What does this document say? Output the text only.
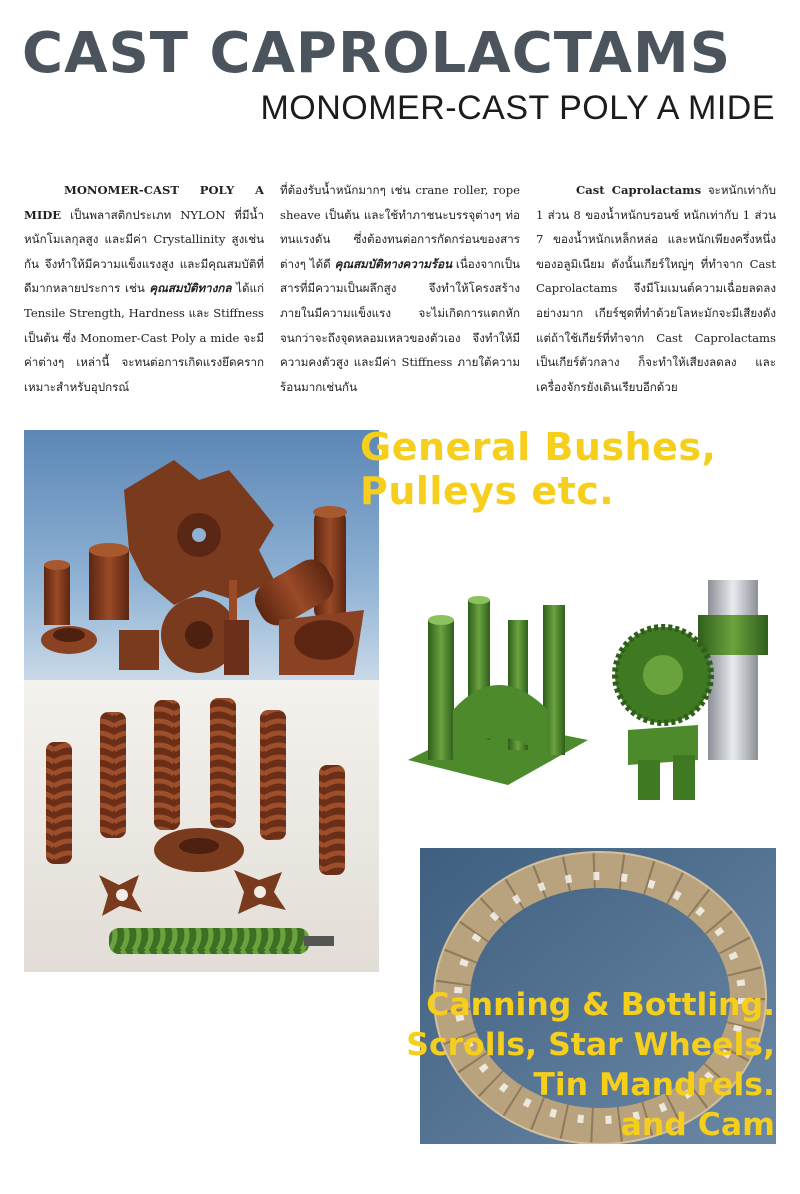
CAST CAPROLACTAMS
MONOMER-CAST POLY A MIDE

MONOMER-CAST POLY A MIDE เป็นพลาสติกประเภท NYLON ที่มีน้ำหนักโมเลกุลสูง และมีค่า Crystallinity สูงเช่นกัน จึงทำให้มีความแข็งแรงสูง และมีคุณสมบัติที่ดีมากหลายประการ เช่น คุณสมบัติทางกล ได้แก่ Tensile Strength, Hardness และ Stiffness เป็นต้น ซึ่ง Monomer-Cast Poly a mide จะมีค่าต่างๆ เหล่านี้ จะทนต่อการเกิดแรงยึดคราก เหมาะสำหรับอุปกรณ์

ที่ต้องรับน้ำหนักมากๆ เช่น crane roller, rope sheave เป็นต้น และใช้ทำภาชนะบรรจุต่างๆ ท่อทนแรงดัน ซึ่งต้องทนต่อการกัดกร่อนของสารต่างๆ ได้ดี คุณสมบัติทางความร้อน เนื่องจากเป็นสารที่มีความเป็นผลึกสูง จึงทำให้โครงสร้างภายในมีความแข็งแรง จะไม่เกิดการแตกหักจนกว่าจะถึงจุดหลอมเหลวของตัวเอง จึงทำให้มีความคงตัวสูง และมีค่า Stiffness ภายใต้ความร้อนมากเช่นกัน

Cast Caprolactams จะหนักเท่ากับ 1 ส่วน 8 ของน้ำหนักบรอนซ์ หนักเท่ากับ 1 ส่วน 7 ของน้ำหนักเหล็กหล่อ และหนักเพียงครึ่งหนึ่งของอลูมิเนียม ดังนั้นเกียร์ใหญ่ๆ ที่ทำจาก Cast Caprolactams จึงมีโมเมนต์ความเฉื่อยลดลงอย่างมาก เกียร์ชุดที่ทำด้วยโลหะมักจะมีเสียงดังแต่ถ้าใช้เกียร์ที่ทำจาก Cast Caprolactams เป็นเกียร์ตัวกลาง ก็จะทำให้เสียงลดลง และเครื่องจักรยังเดินเรียบอีกด้วย

General Bushes,
Pulleys etc.
Canning & Bottling.
Scrolls, Star Wheels,
Tin Mandrels.
and Cam
